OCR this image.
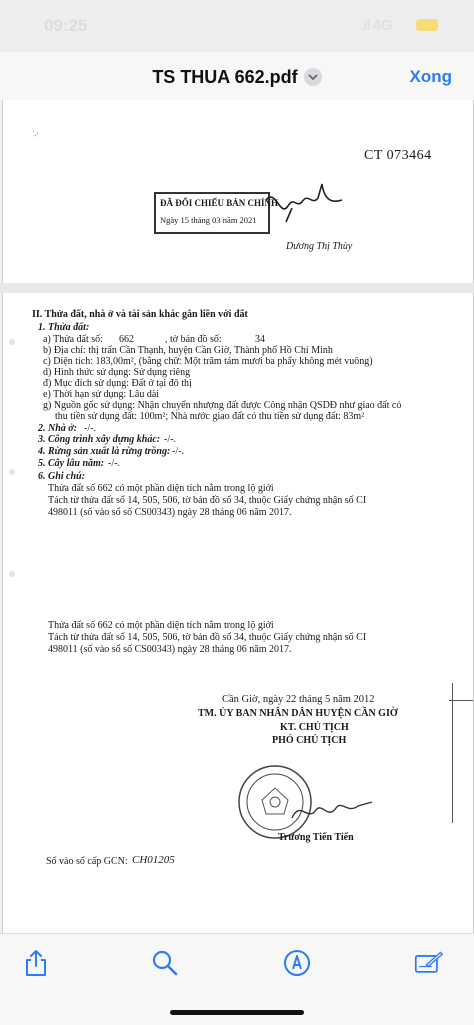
09:25	.ıl 4G
TS THUA 662.pdf	Xong
· -'
CT 073464
ĐÃ ĐỐI CHIẾU BẢN CHÍNH
Ngày 15 tháng 03 năm 2021
Dương Thị Thùy
II. Thửa đất, nhà ở và tài sản khác gắn liền với đất
1. Thửa đất:
a) Thửa đất số: 662	, tờ bản đồ số:	34
b) Địa chỉ: thị trấn Cần Thạnh, huyện Cần Giờ, Thành phố Hồ Chí Minh
c) Diện tích: 183,00m², (bằng chữ: Một trăm tám mươi ba phẩy không mét vuông)
d) Hình thức sử dụng: Sử dụng riêng
đ) Mục đích sử dụng: Đất ở tại đô thị
e) Thời hạn sử dụng: Lâu dài
g) Nguồn gốc sử dụng: Nhận chuyển nhượng đất được Công nhận QSDĐ như giao đất có
thu tiền sử dụng đất: 100m²; Nhà nước giao đất có thu tiền sử dụng đất: 83m²
2. Nhà ở: -/-.
3. Công trình xây dựng khác: -/-.
4. Rừng sản xuất là rừng trồng: -/-.
5. Cây lâu năm: -/-.
6. Ghi chú:
Thửa đất số 662 có một phần diện tích nằm trong lộ giới
Tách từ thửa đất số 14, 505, 506, tờ bản đồ số 34, thuộc Giấy chứng nhận số CI
498011 (số vào sổ số CS00343) ngày 28 tháng 06 năm 2017.
Thửa đất số 662 có một phần diện tích nằm trong lộ giới
Tách từ thửa đất số 14, 505, 506, tờ bản đồ số 34, thuộc Giấy chứng nhận số CI
498011 (số vào sổ số CS00343) ngày 28 tháng 06 năm 2017.
Cần Giờ, ngày 22 tháng 5 năm 2012
TM. ỦY BAN NHÂN DÂN HUYỆN CẦN GIỜ
KT. CHỦ TỊCH
PHÓ CHỦ TỊCH
Trương Tiến Tiến
Số vào sổ cấp GCN: CH01205
